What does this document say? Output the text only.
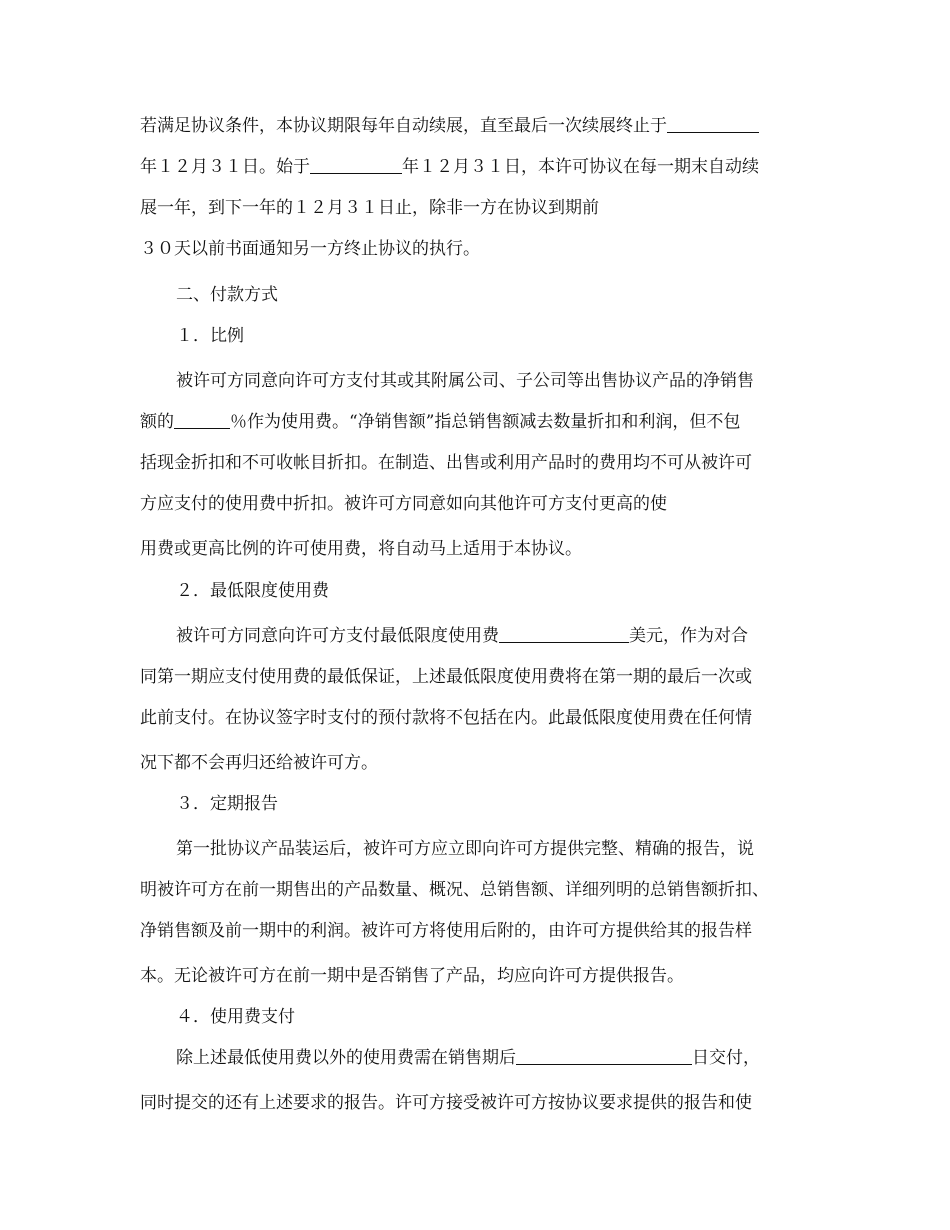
若满足协议条件，本协议期限每年自动续展，直至最后一次续展终止于
年１２月３１日。始于	年１２月３１日，本许可协议在每一期末自动续
展一年，到下一年的１２月３１日止，除非一方在协议到期前
３０天以前书面通知另一方终止协议的执行。
二、付款方式
１．比例
被许可方同意向许可方支付其或其附属公司、子公司等出售协议产品的净销售
额的	％作为使用费。“净销售额”指总销售额减去数量折扣和利润，但不包
括现金折扣和不可收帐目折扣。在制造、出售或利用产品时的费用均不可从被许可
方应支付的使用费中折扣。被许可方同意如向其他许可方支付更高的使
用费或更高比例的许可使用费，将自动马上适用于本协议。
２．最低限度使用费
被许可方同意向许可方支付最低限度使用费	美元，作为对合
同第一期应支付使用费的最低保证，上述最低限度使用费将在第一期的最后一次或
此前支付。在协议签字时支付的预付款将不包括在内。此最低限度使用费在任何情
况下都不会再归还给被许可方。
３．定期报告
第一批协议产品装运后，被许可方应立即向许可方提供完整、精确的报告，说
明被许可方在前一期售出的产品数量、概况、总销售额、详细列明的总销售额折扣、
净销售额及前一期中的利润。被许可方将使用后附的，由许可方提供给其的报告样
本。无论被许可方在前一期中是否销售了产品，均应向许可方提供报告。
４．使用费支付
除上述最低使用费以外的使用费需在销售期后	日交付，
同时提交的还有上述要求的报告。许可方接受被许可方按协议要求提供的报告和使
